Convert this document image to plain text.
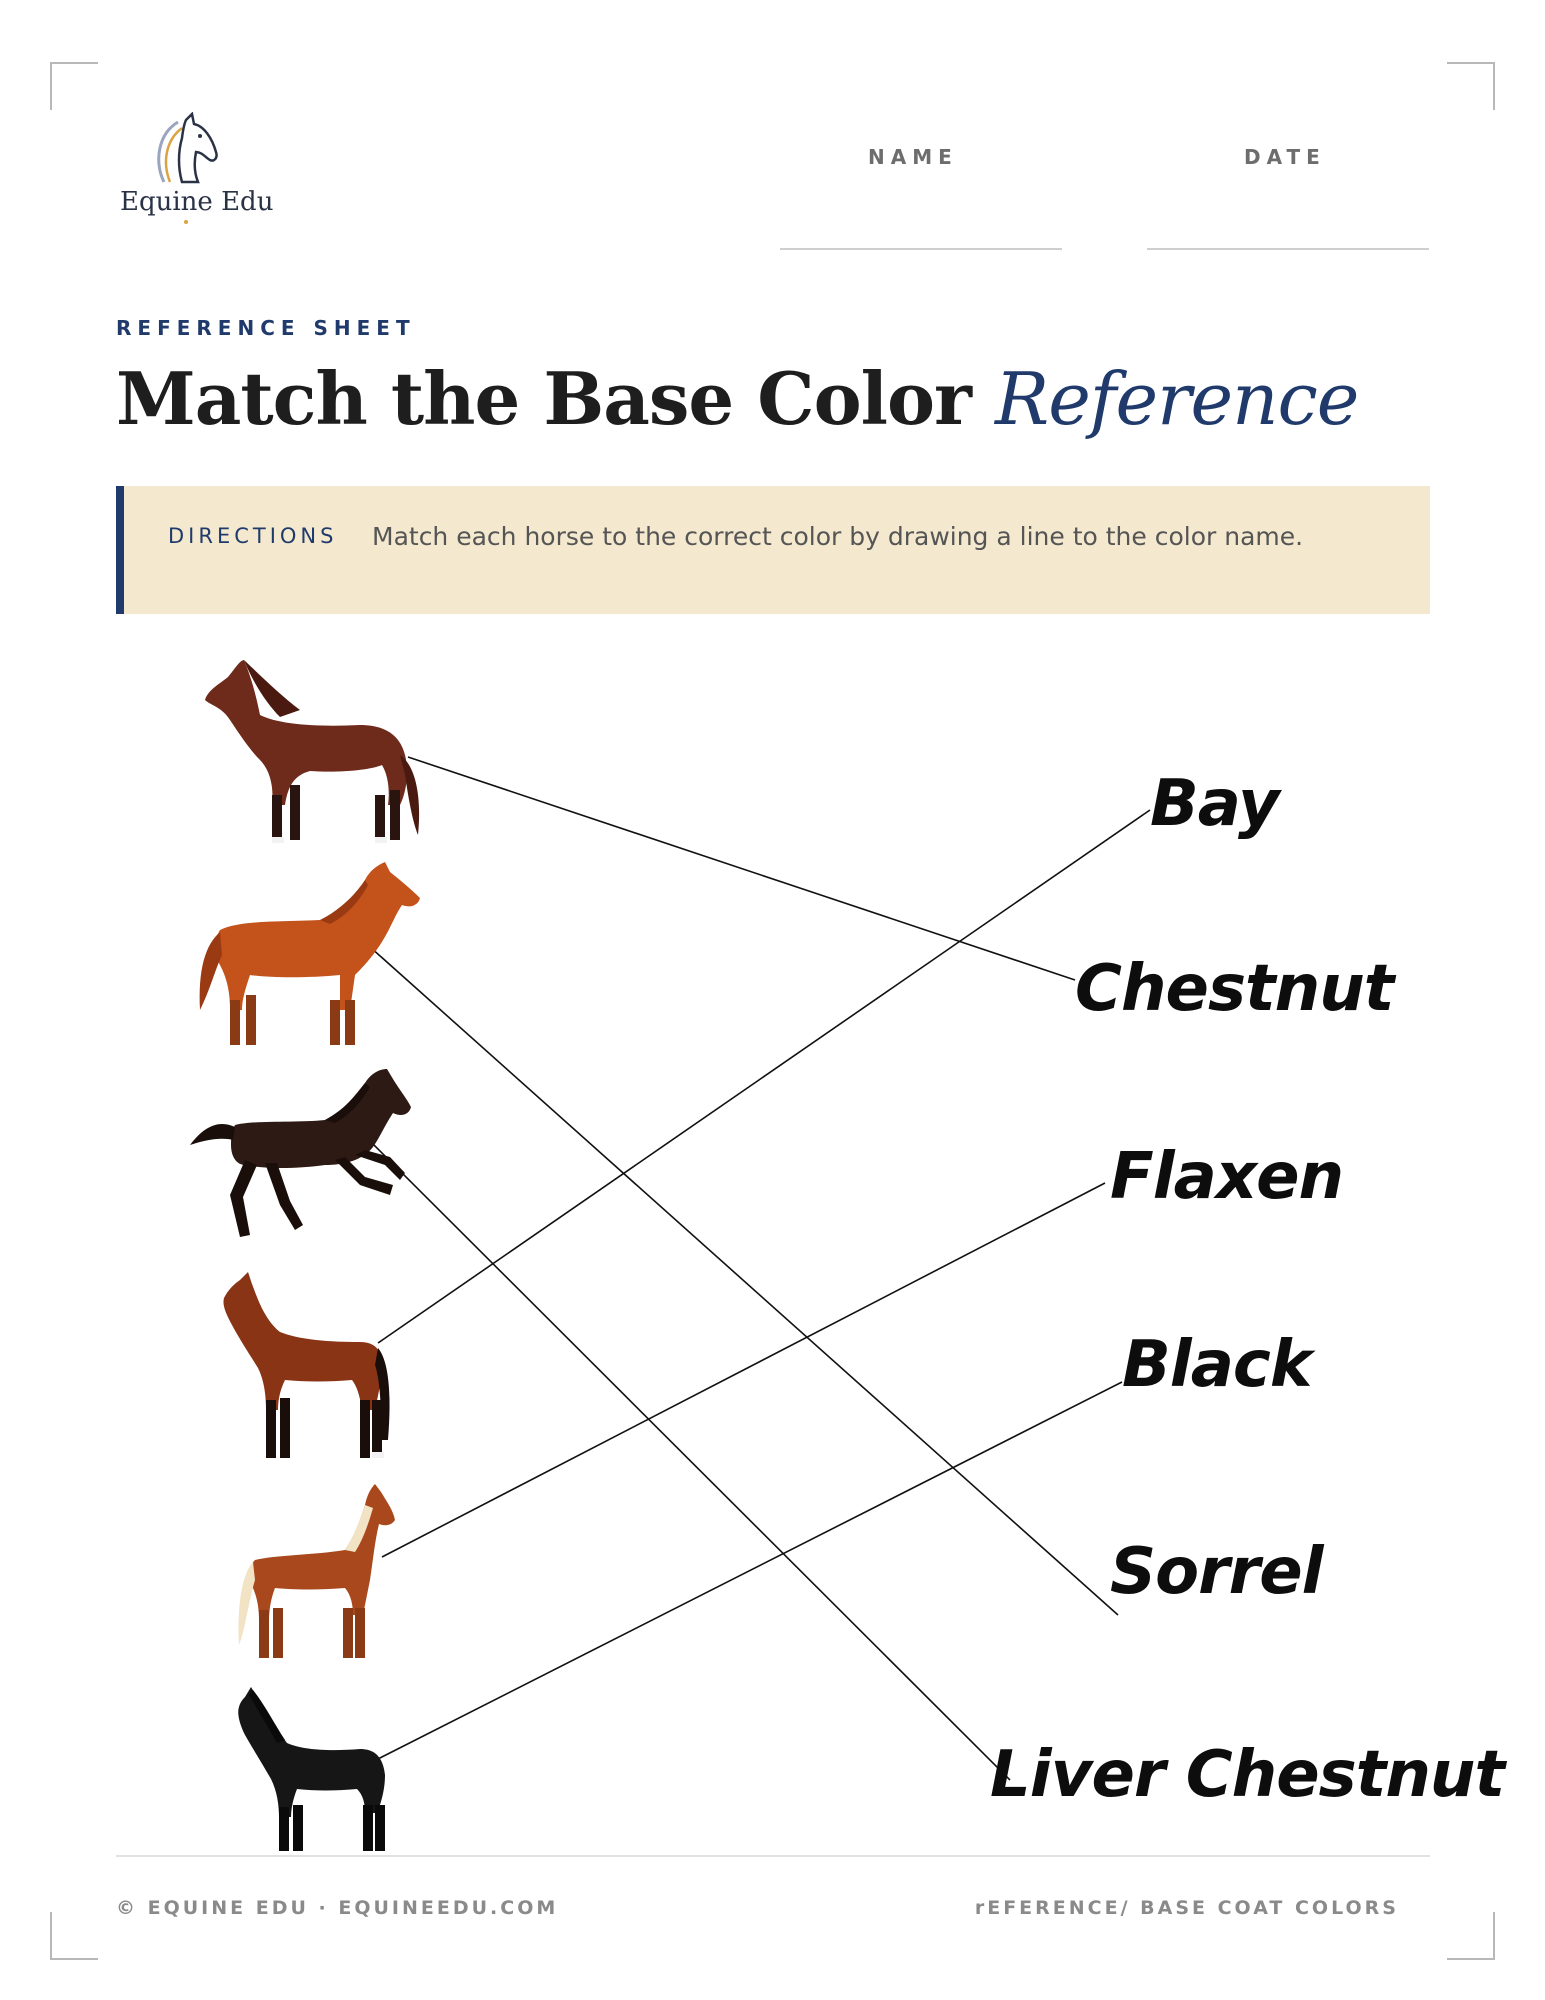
Equine Edu
NAME	DATE
REFERENCE SHEET
Match the Base Color Reference
DIRECTIONS Match each horse to the correct color by drawing a line to the color name.
Bay
Chestnut
Flaxen
Black
Sorrel
Liver Chestnut
© EQUINE EDU · EQUINEEDU.COM	rEFERENCE/ BASE COAT COLORS
